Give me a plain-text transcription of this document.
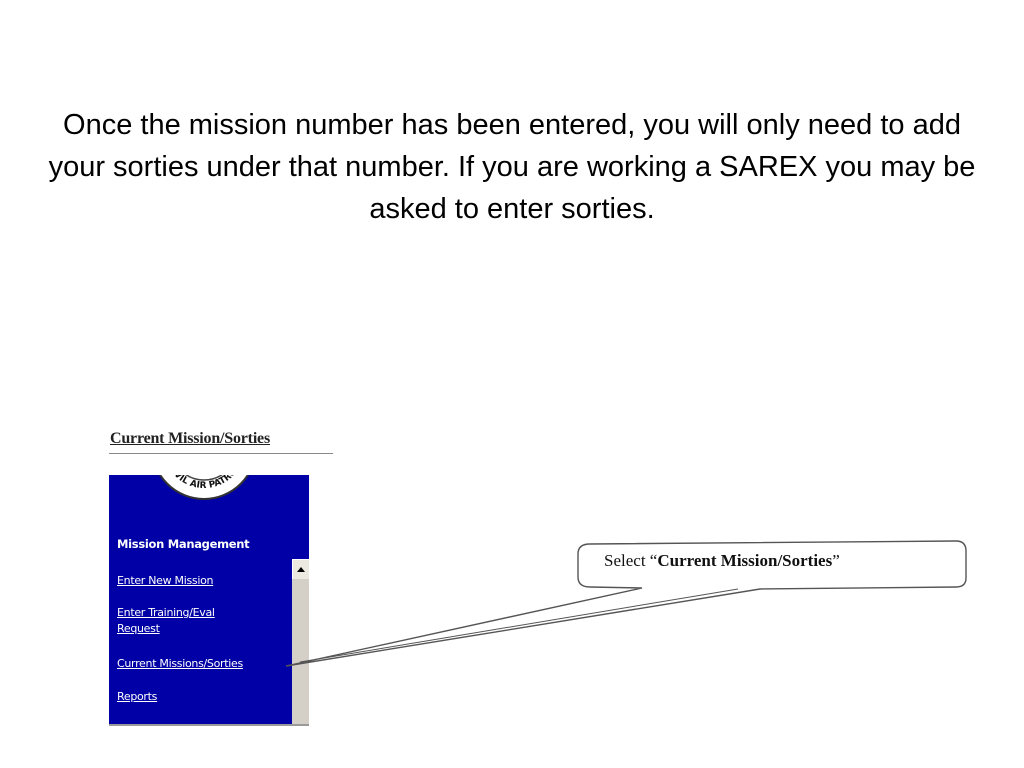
Once the mission number has been entered, you will only need to add your sorties under that number. If you are working a SAREX you may be asked to enter sorties.
Current Mission/Sorties
CIVIL AIR PATROL
Mission Management
Enter New Mission
Enter Training/Eval
Request
Current Missions/Sorties
Reports
Select “Current Mission/Sorties”
